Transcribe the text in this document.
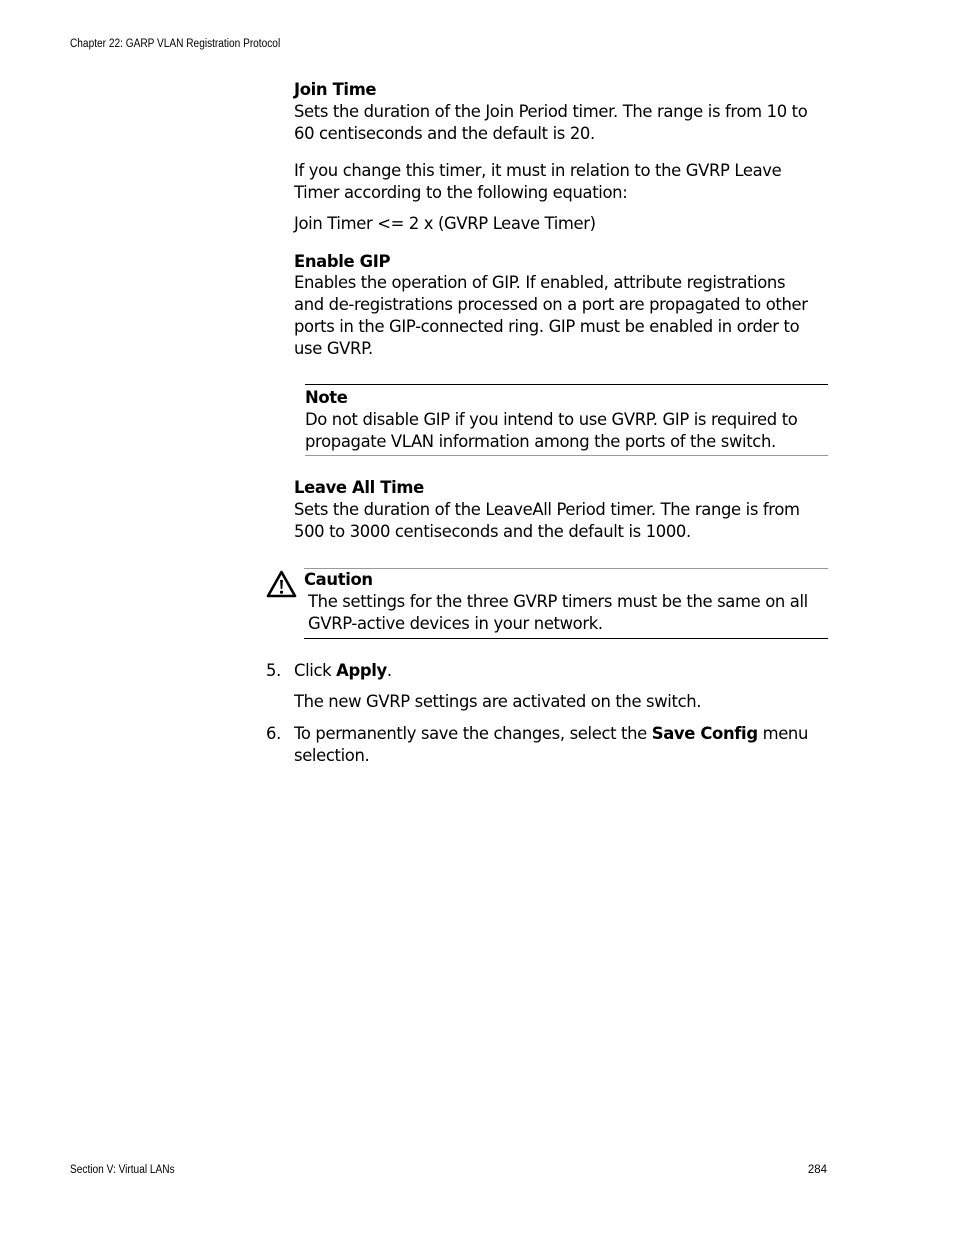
Chapter 22: GARP VLAN Registration Protocol
Join Time
Sets the duration of the Join Period timer. The range is from 10 to
60 centiseconds and the default is 20.
If you change this timer, it must in relation to the GVRP Leave
Timer according to the following equation:
Join Timer <= 2 x (GVRP Leave Timer)
Enable GIP
Enables the operation of GIP. If enabled, attribute registrations
and de-registrations processed on a port are propagated to other
ports in the GIP-connected ring. GIP must be enabled in order to
use GVRP.
Note
Do not disable GIP if you intend to use GVRP. GIP is required to
propagate VLAN information among the ports of the switch.
Leave All Time
Sets the duration of the LeaveAll Period timer. The range is from
500 to 3000 centiseconds and the default is 1000.
Caution
The settings for the three GVRP timers must be the same on all
GVRP-active devices in your network.
5. Click Apply.
The new GVRP settings are activated on the switch.
6. To permanently save the changes, select the Save Config menu
selection.
Section V: Virtual LANs	284
